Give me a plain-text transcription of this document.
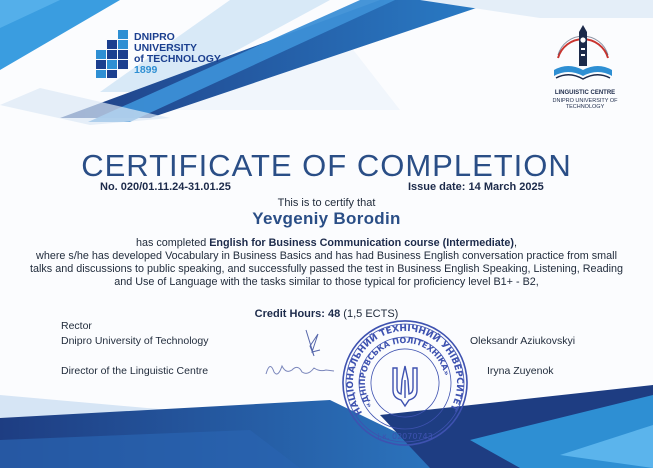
DNIPRO
UNIVERSITY
of TECHNOLOGY
1899
LINGUISTIC CENTRE
DNIPRO UNIVERSITY OF
TECHNOLOGY
CERTIFICATE OF COMPLETION
No. 020/01.11.24-31.01.25	Issue date: 14 March 2025
This is to certify that
Yevgeniy Borodin
has completed English for Business Communication course (Intermediate),
where s/he has developed Vocabulary in Business Basics and has had Business English conversation practice from small talks and discussions to public speaking, and successfully passed the test in Business English Speaking, Listening, Reading and Use of Language with the tasks similar to those typical for proficiency level B1+ - B2,
Credit Hours: 48 (1,5 ECTS)
Rector
Dnipro University of Technology	Oleksandr Aziukovskyi
Director of the Linguistic Centre	Iryna Zuyenok
НАЦІОНАЛЬНИЙ ТЕХНІЧНИЙ УНІВЕРСИТЕТ
«ДНІПРОВСЬКА ПОЛІТЕХНІКА»
і.к. 02070743
